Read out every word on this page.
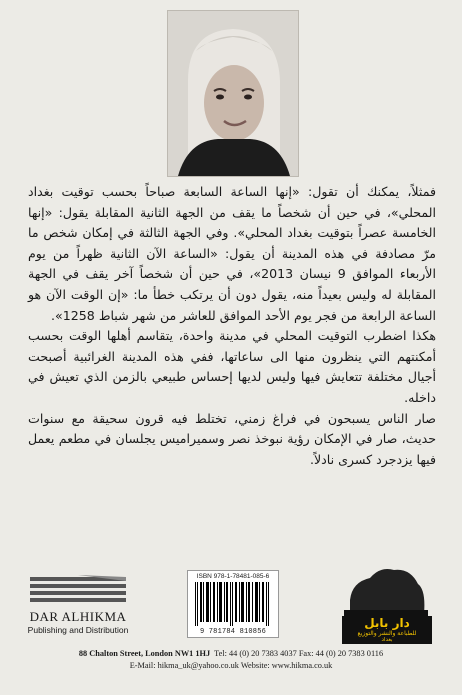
فمثلاً، يمكنك أن تقول: «إنها الساعة السابعة صباحاً بحسب توقيت بغداد المحلي»، في حين أن شخصاً ما يقف من الجهة الثانية المقابلة يقول: «إنها الخامسة عصراً بتوقيت بغداد المحلي». وفي الجهة الثالثة في إمكان شخص ما مرّ مصادفة في هذه المدينة أن يقول: «الساعة الآن الثانية ظهراً من يوم الأربعاء الموافق 9 نيسان 2013»، في حين أن شخصاً آخر يقف في الجهة المقابلة له وليس بعيداً منه، يقول دون أن يرتكب خطأ ما: «إن الوقت الآن هو الساعة الرابعة من فجر يوم الأحد الموافق للعاشر من شهر شباط 1258».

هكذا اضطرب التوقيت المحلي في مدينة واحدة، يتقاسم أهلها الوقت بحسب أمكنتهم التي ينظرون منها الى ساعاتها، ففي هذه المدينة الغرائبية أصبحت أجيال مختلفة تتعايش فيها وليس لديها إحساس طبيعي بالزمن الذي تعيش في داخله.

صار الناس يسبحون في فراغ زمني، تختلط فيه قرون سحيقة مع سنوات حديث، صار في الإمكان رؤية نبوخذ نصر وسميراميس يجلسان في مطعم يعمل فيها يزدجرد كسرى نادلاً.

DAR ALHIKMA
Publishing and Distribution
ISBN 978-1-78481-085-6
9 781784 810856
دار بابل
للطباعة والنشر والتوزيع
بغداد
88 Chalton Street, London NW1 1HJ Tel: 44 (0) 20 7383 4037 Fax: 44 (0) 20 7383 0116
E-Mail: hikma_uk@yahoo.co.uk Website: www.hikma.co.uk
